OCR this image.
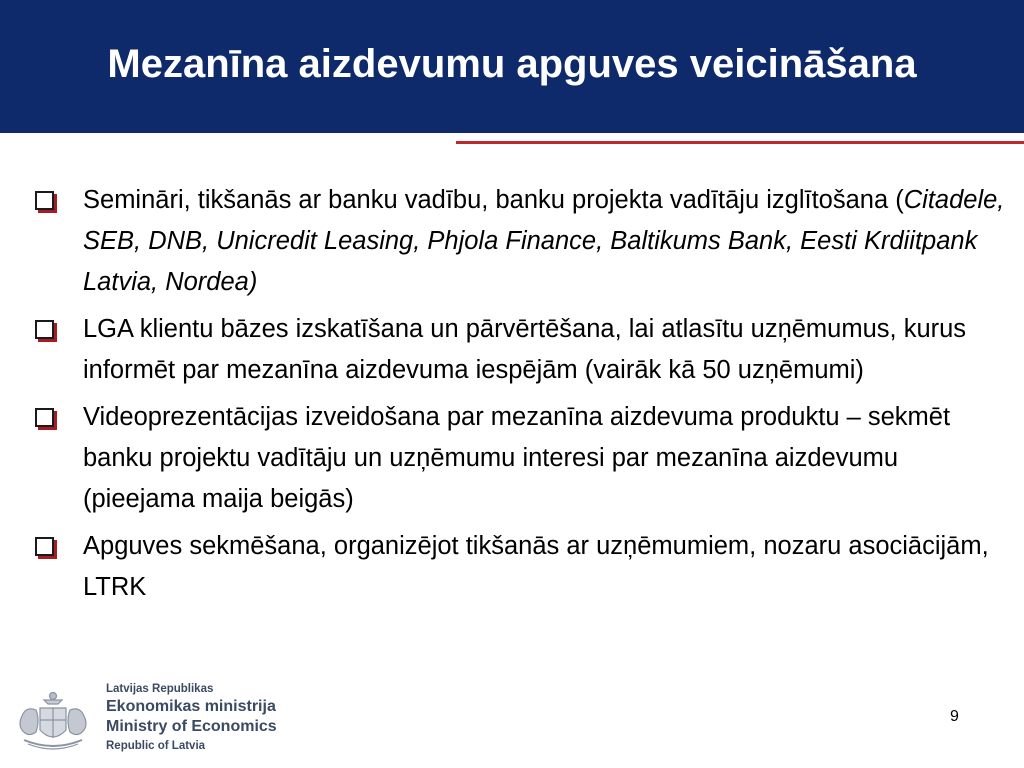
Mezanīna aizdevumu apguves veicināšana
Semināri, tikšanās ar banku vadību, banku projekta vadītāju izglītošana (Citadele, SEB, DNB, Unicredit Leasing, Phjola Finance, Baltikums Bank, Eesti Krdiitpank Latvia, Nordea)
LGA klientu bāzes izskatīšana un pārvērtēšana, lai atlasītu uzņēmumus, kurus informēt par mezanīna aizdevuma iespējām (vairāk kā 50 uzņēmumi)
Videoprezentācijas izveidošana par mezanīna aizdevuma produktu – sekmēt banku projektu vadītāju un uzņēmumu interesi par mezanīna aizdevumu (pieejama maija beigās)
Apguves sekmēšana, organizējot tikšanās ar uzņēmumiem, nozaru asociācijām, LTRK
Latvijas Republikas
Ekonomikas ministrija
Ministry of Economics
Republic of Latvia
9
